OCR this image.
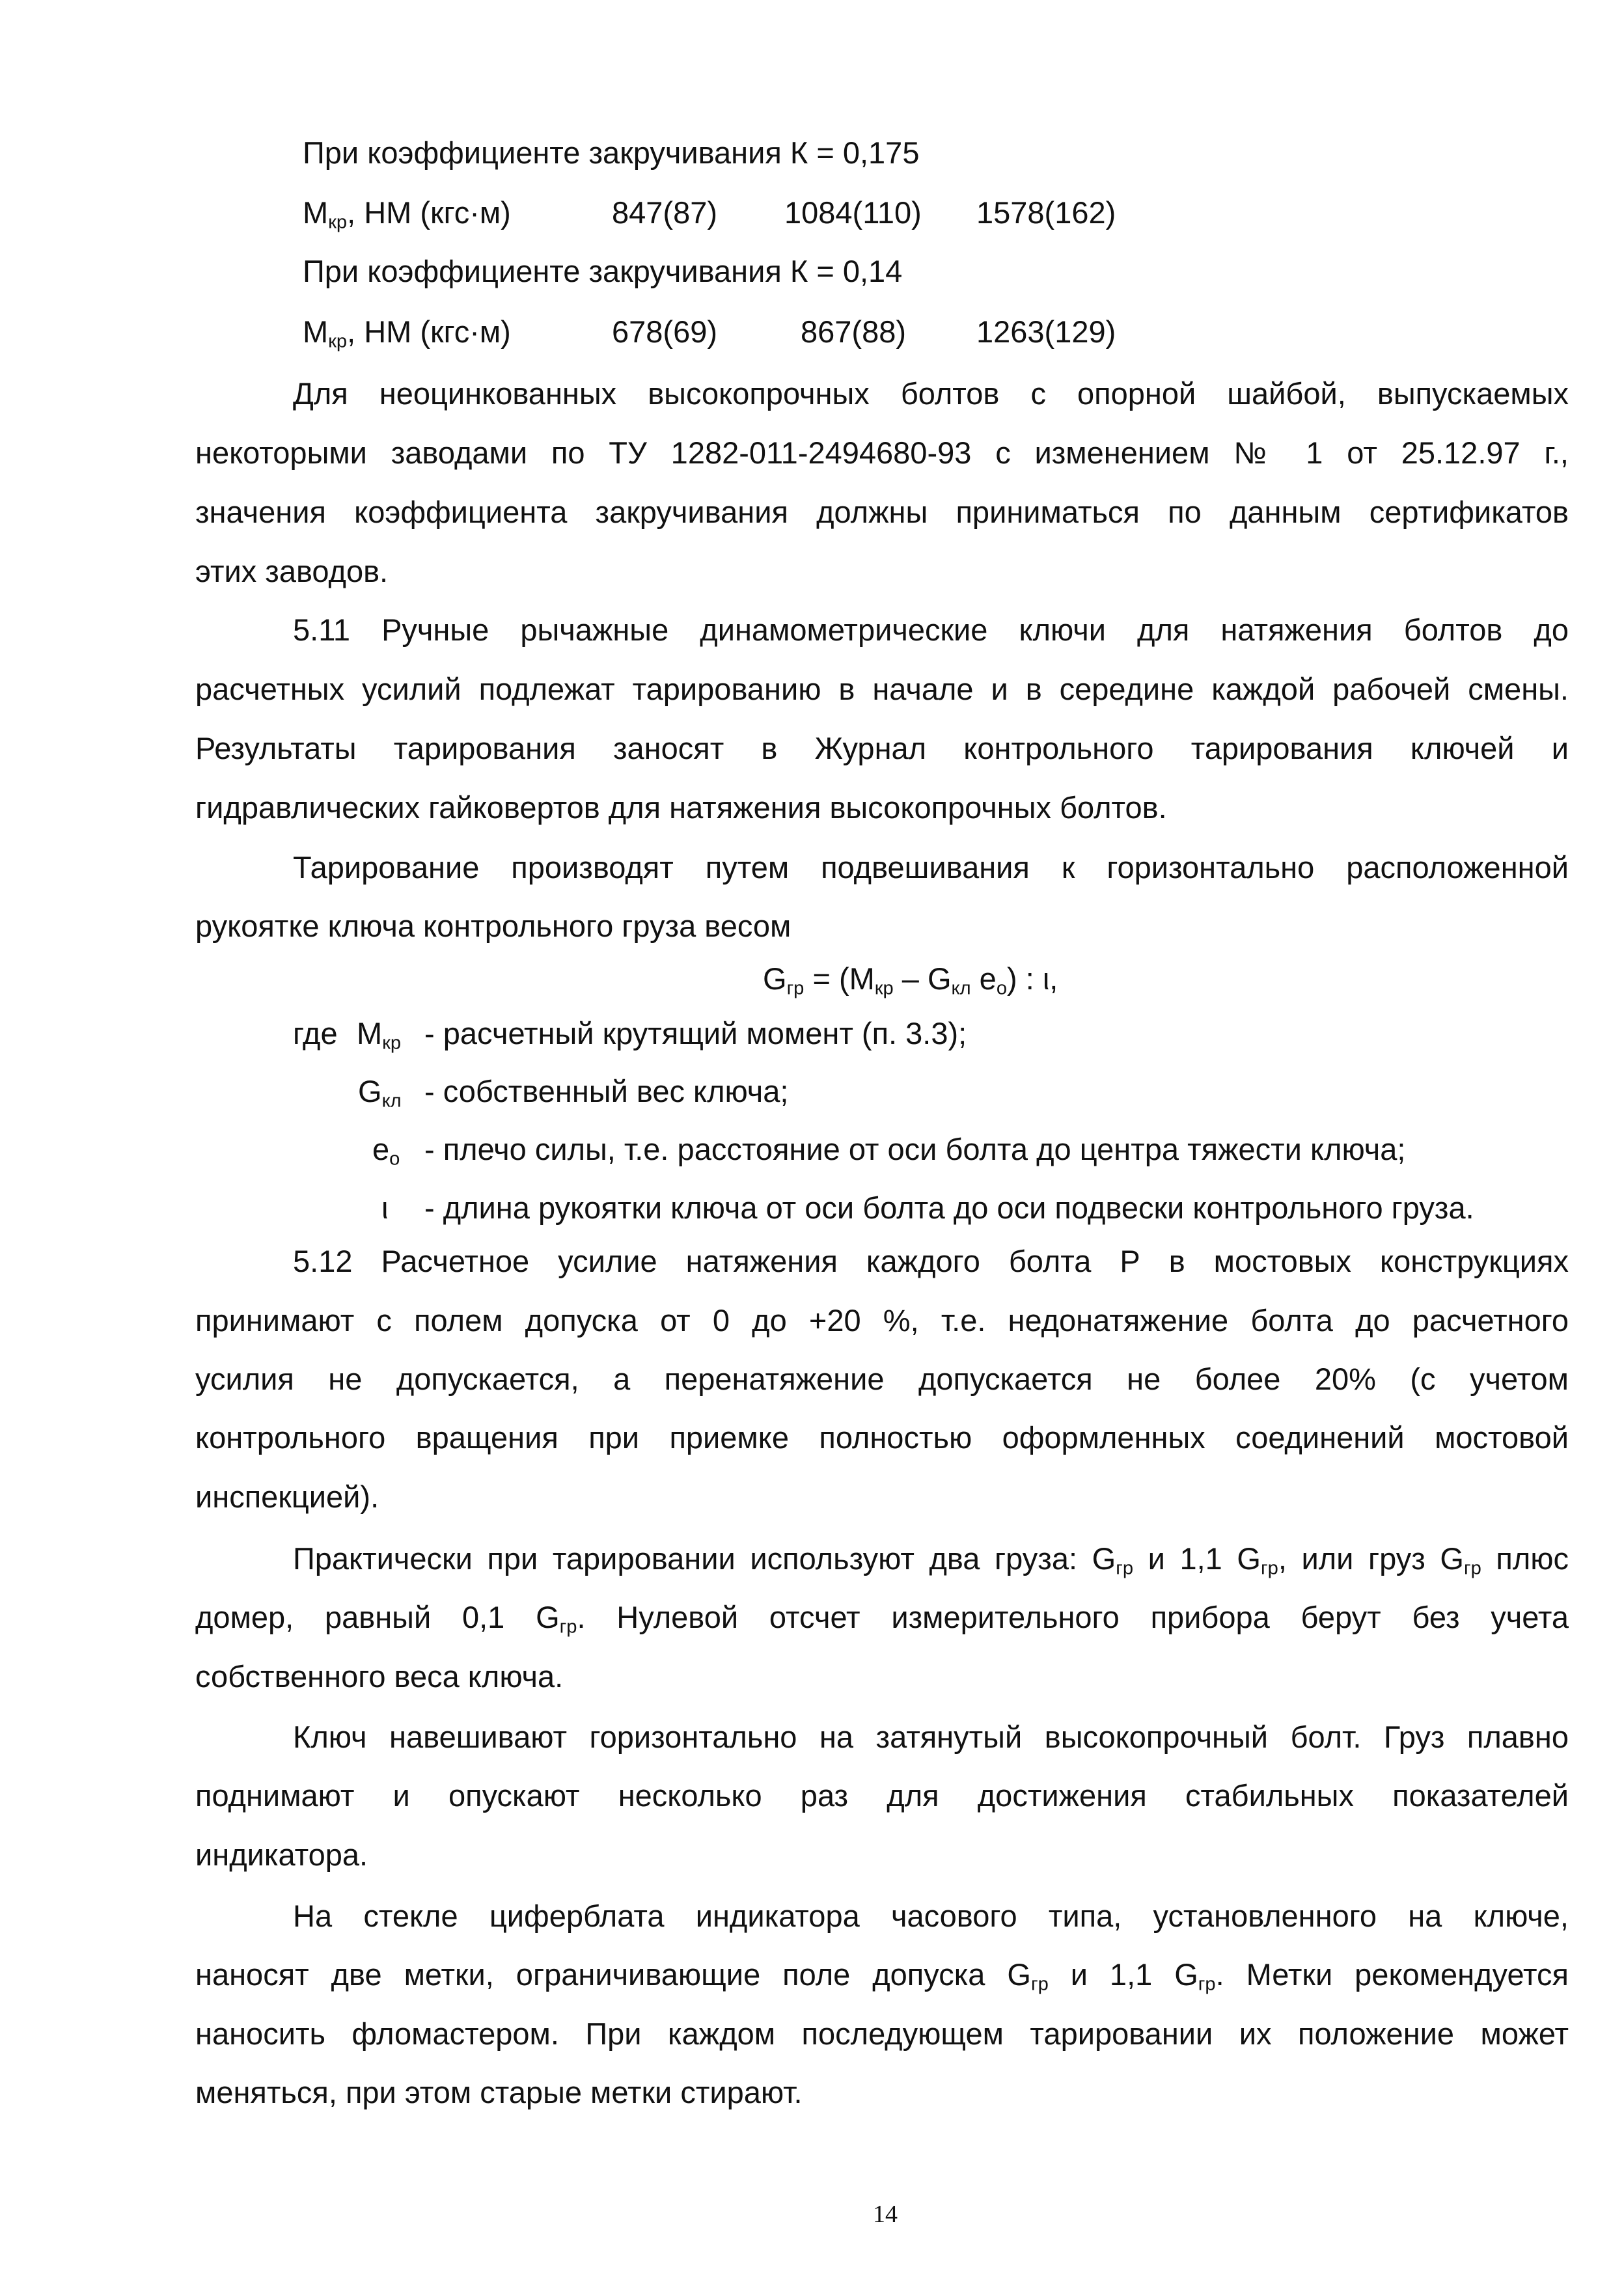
При коэффициенте закручивания К = 0,175
$М_{кр}$, НМ (кгс·м)	847(87) 1084(110) 1578(162)
При коэффициенте закручивания К = 0,14
$М_{кр}$, НМ (кгс·м)	678(69)	867(88) 1263(129)
Для неоцинкованных высокопрочных болтов с опорной шайбой, выпускаемых
некоторыми заводами по ТУ 1282-011-2494680-93 с изменением № 1 от 25.12.97 г.,
значения коэффициента закручивания должны приниматься по данным сертификатов
этих заводов.
5.11 Ручные рычажные динамометрические ключи для натяжения болтов до
расчетных усилий подлежат тарированию в начале и в середине каждой рабочей смены.
Результаты тарирования заносят в Журнал контрольного тарирования ключей и
гидравлических гайковертов для натяжения высокопрочных болтов.
Тарирование производят путем подвешивания к горизонтально расположенной
рукоятке ключа контрольного груза весом
$G_{гр} = (М_{кр} - G_{кл}$ $e_о$) : ι,
где $М_{кр}$ - расчетный крутящий момент (п. 3.3);
$G_{кл}$ - собственный вес ключа;
$e_о$ - плечо силы, т.е. расстояние от оси болта до центра тяжести ключа;
ι - длина рукоятки ключа от оси болта до оси подвески контрольного груза.
5.12 Расчетное усилие натяжения каждого болта Р в мостовых конструкциях
принимают с полем допуска от 0 до +20 %, т.е. недонатяжение болта до расчетного
усилия не допускается, а перенатяжение допускается не более 20% (с учетом
контрольного вращения при приемке полностью оформленных соединений мостовой
инспекцией).
Практически при тарировании используют два груза: $G_{гр}$ и 1,1 $G_{гр}$, или груз $G_{гр}$ плюс
домер, равный 0,1 $G_{гр}$. Нулевой отсчет измерительного прибора берут без учета
собственного веса ключа.
Ключ навешивают горизонтально на затянутый высокопрочный болт. Груз плавно
поднимают и опускают несколько раз для достижения стабильных показателей
индикатора.
На стекле циферблата индикатора часового типа, установленного на ключе,
наносят две метки, ограничивающие поле допуска $G_{гр}$ и 1,1 $G_{гр}$. Метки рекомендуется
наносить фломастером. При каждом последующем тарировании их положение может
меняться, при этом старые метки стирают.
14
